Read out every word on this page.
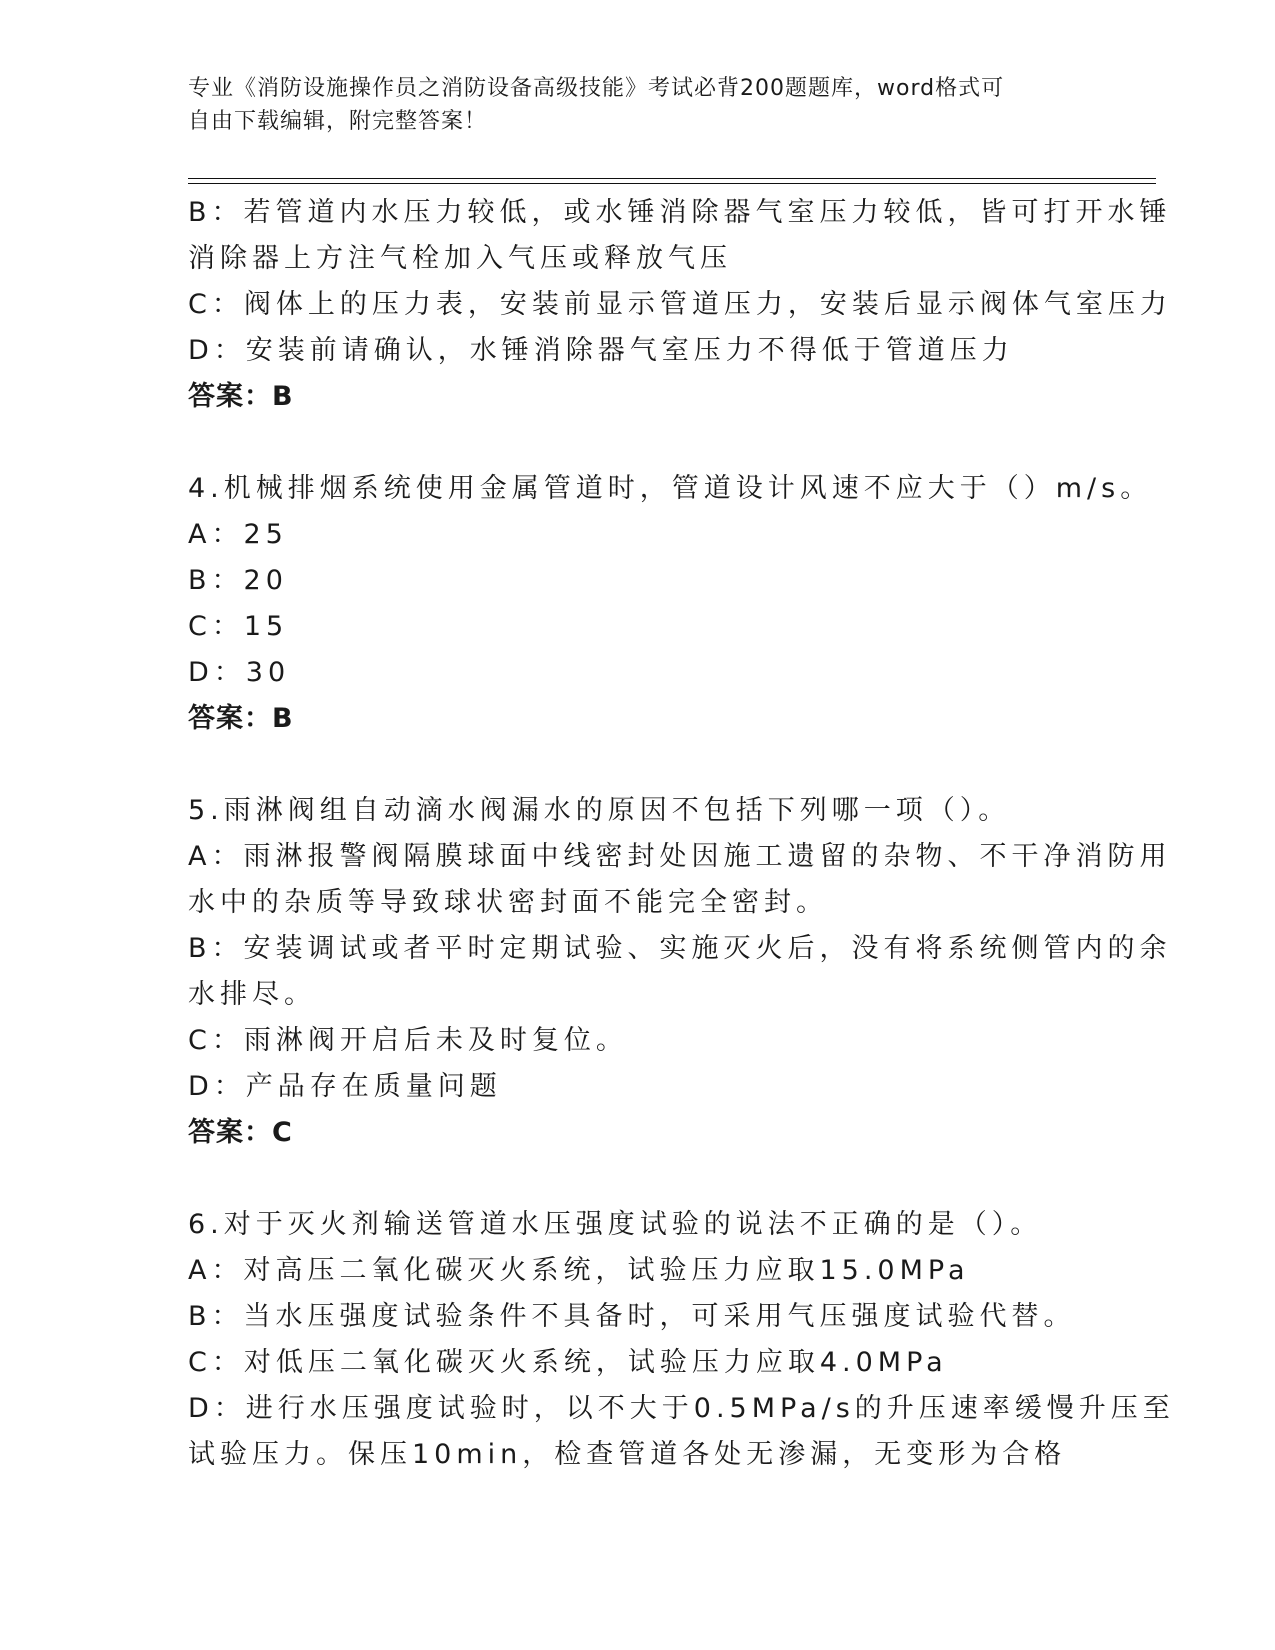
专业《消防设施操作员之消防设备高级技能》考试必背200题题库，word格式可
自由下载编辑，附完整答案！
B：若管道内水压力较低，或水锤消除器气室压力较低，皆可打开水锤
消除器上方注气栓加入气压或释放气压
C：阀体上的压力表，安装前显示管道压力，安装后显示阀体气室压力
D：安装前请确认，水锤消除器气室压力不得低于管道压力
答案：B
4.机械排烟系统使用金属管道时，管道设计风速不应大于（）m/s。
A：25
B：20
C：15
D：30
答案：B
5.雨淋阀组自动滴水阀漏水的原因不包括下列哪一项（）。
A：雨淋报警阀隔膜球面中线密封处因施工遗留的杂物、不干净消防用
水中的杂质等导致球状密封面不能完全密封。
B：安装调试或者平时定期试验、实施灭火后，没有将系统侧管内的余
水排尽。
C：雨淋阀开启后未及时复位。
D：产品存在质量问题
答案：C
6.对于灭火剂输送管道水压强度试验的说法不正确的是（）。
A：对高压二氧化碳灭火系统，试验压力应取15.0MPa
B：当水压强度试验条件不具备时，可采用气压强度试验代替。
C：对低压二氧化碳灭火系统，试验压力应取4.0MPa
D：进行水压强度试验时，以不大于0.5MPa/s的升压速率缓慢升压至
试验压力。保压10min，检查管道各处无渗漏，无变形为合格
